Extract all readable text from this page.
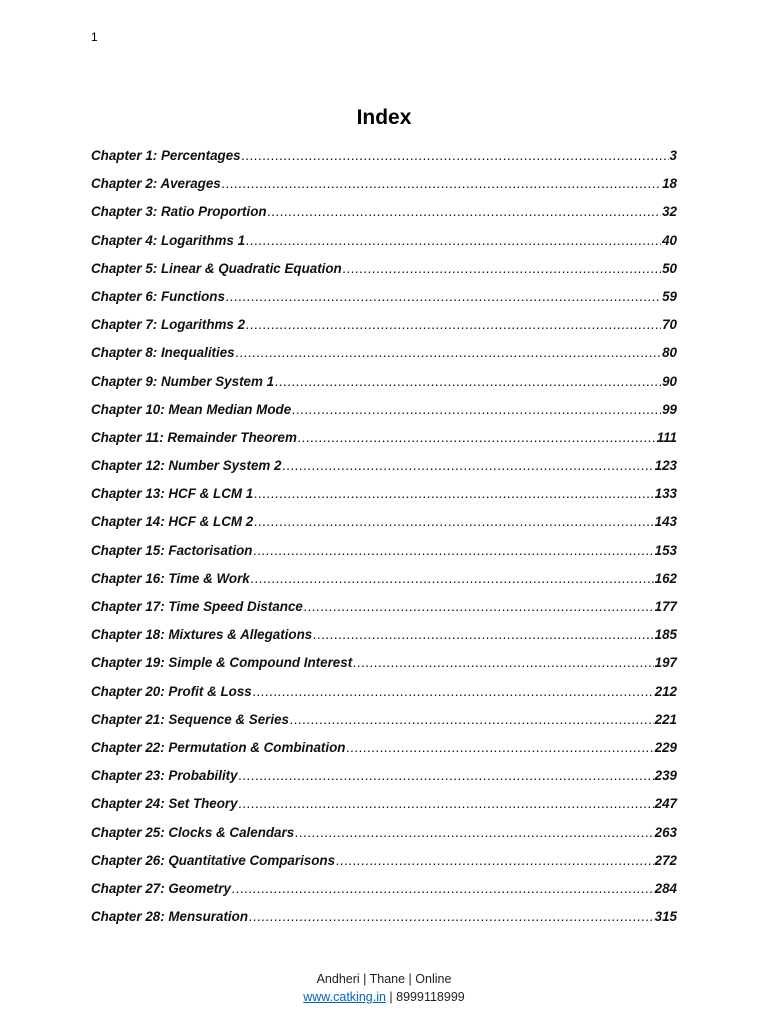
1
Index
Chapter 1: Percentages .....	3
Chapter 2: Averages .....	18
Chapter 3: Ratio Proportion .....	32
Chapter 4: Logarithms 1 .....	40
Chapter 5: Linear & Quadratic Equation .....	50
Chapter 6: Functions .....	59
Chapter 7: Logarithms 2 .....	70
Chapter 8: Inequalities .....	80
Chapter 9: Number System 1 .....	90
Chapter 10: Mean Median Mode .....	99
Chapter 11: Remainder Theorem .....	111
Chapter 12: Number System 2 .....	123
Chapter 13: HCF & LCM 1 .....	133
Chapter 14: HCF & LCM 2 .....	143
Chapter 15: Factorisation .....	153
Chapter 16: Time & Work .....	162
Chapter 17: Time Speed Distance .....	177
Chapter 18: Mixtures & Allegations .....	185
Chapter 19: Simple & Compound Interest .....	197
Chapter 20: Profit & Loss .....	212
Chapter 21: Sequence & Series .....	221
Chapter 22: Permutation & Combination .....	229
Chapter 23: Probability .....	239
Chapter 24: Set Theory .....	247
Chapter 25: Clocks & Calendars .....	263
Chapter 26: Quantitative Comparisons .....	272
Chapter 27: Geometry .....	284
Chapter 28: Mensuration .....	315
Andheri | Thane | Online
www.catking.in | 8999118999
